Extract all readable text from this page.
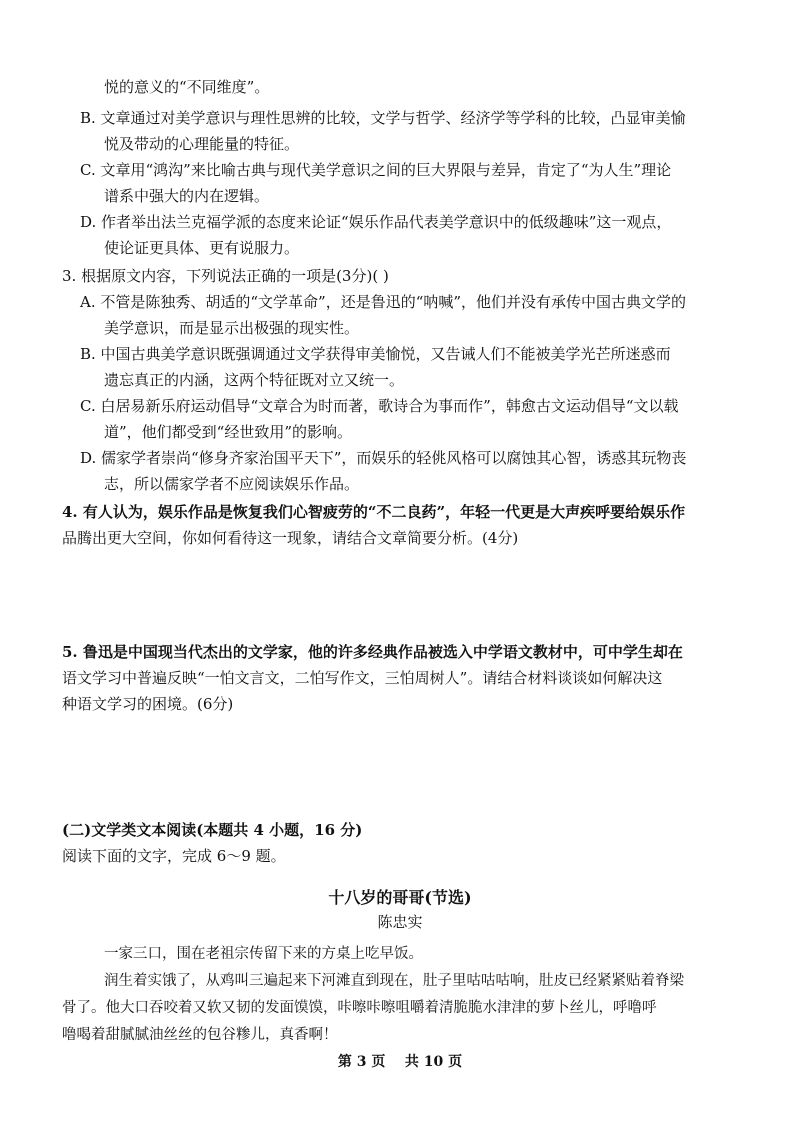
悦的意义的“不同维度”。
B. 文章通过对美学意识与理性思辨的比较，文学与哲学、经济学等学科的比较，凸显审美愉
悦及带动的心理能量的特征。
C. 文章用“鸿沟”来比喻古典与现代美学意识之间的巨大界限与差异，肯定了“为人生”理论
谱系中强大的内在逻辑。
D. 作者举出法兰克福学派的态度来论证“娱乐作品代表美学意识中的低级趣味”这一观点，
使论证更具体、更有说服力。
3. 根据原文内容，下列说法正确的一项是(3分)( )
A. 不管是陈独秀、胡适的“文学革命”，还是鲁迅的“呐喊”，他们并没有承传中国古典文学的
美学意识，而是显示出极强的现实性。
B. 中国古典美学意识既强调通过文学获得审美愉悦，又告诫人们不能被美学光芒所迷惑而
遗忘真正的内涵，这两个特征既对立又统一。
C. 白居易新乐府运动倡导“文章合为时而著，歌诗合为事而作”，韩愈古文运动倡导“文以载
道”，他们都受到“经世致用”的影响。
D. 儒家学者崇尚“修身齐家治国平天下”，而娱乐的轻佻风格可以腐蚀其心智，诱惑其玩物丧
志，所以儒家学者不应阅读娱乐作品。
4. 有人认为，娱乐作品是恢复我们心智疲劳的“不二良药”，年轻一代更是大声疾呼要给娱乐作
品腾出更大空间，你如何看待这一现象，请结合文章简要分析。(4分)
5. 鲁迅是中国现当代杰出的文学家，他的许多经典作品被选入中学语文教材中，可中学生却在
语文学习中普遍反映“一怕文言文，二怕写作文，三怕周树人”。请结合材料谈谈如何解决这
种语文学习的困境。(6分)
(二)文学类文本阅读(本题共 4 小题，16 分)
阅读下面的文字，完成 6～9 题。
十八岁的哥哥(节选)
陈忠实
一家三口，围在老祖宗传留下来的方桌上吃早饭。
润生着实饿了，从鸡叫三遍起来下河滩直到现在，肚子里咕咕咕响，肚皮已经紧紧贴着脊梁
骨了。他大口吞咬着又软又韧的发面馍馍，咔嚓咔嚓咀嚼着清脆脆水津津的萝卜丝儿，呼噜呼
噜喝着甜腻腻油丝丝的包谷糁儿，真香啊！
第 3 页    共 10 页
